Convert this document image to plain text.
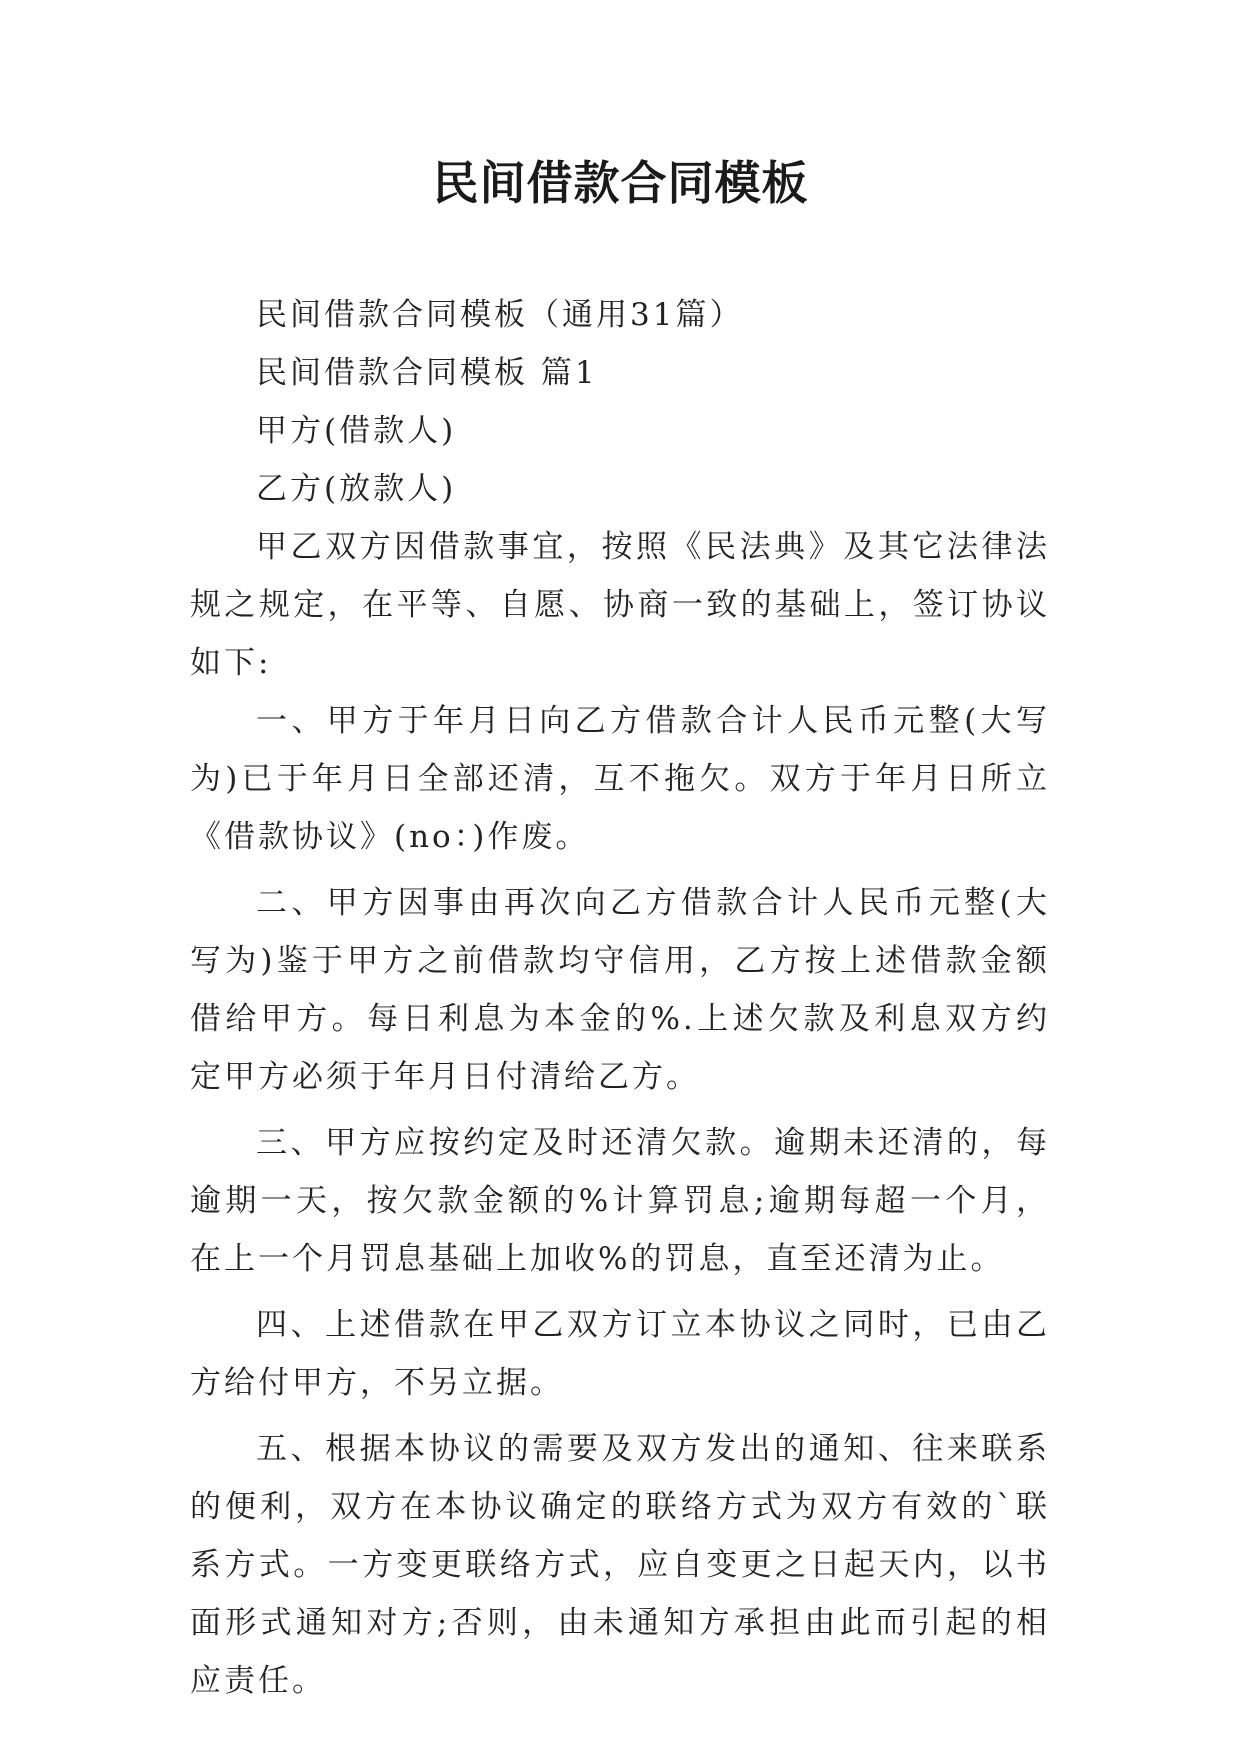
民间借款合同模板

民间借款合同模板（通用31篇）

民间借款合同模板 篇1

甲方(借款人)

乙方(放款人)

甲乙双方因借款事宜，按照《民法典》及其它法律法规之规定，在平等、自愿、协商一致的基础上，签订协议如下:

一、甲方于年月日向乙方借款合计人民币元整(大写为)已于年月日全部还清，互不拖欠。双方于年月日所立《借款协议》(no：)作废。

二、甲方因事由再次向乙方借款合计人民币元整(大写为)鉴于甲方之前借款均守信用，乙方按上述借款金额借给甲方。每日利息为本金的%.上述欠款及利息双方约定甲方必须于年月日付清给乙方。

三、甲方应按约定及时还清欠款。逾期未还清的，每逾期一天，按欠款金额的%计算罚息;逾期每超一个月，在上一个月罚息基础上加收%的罚息，直至还清为止。

四、上述借款在甲乙双方订立本协议之同时，已由乙方给付甲方，不另立据。

五、根据本协议的需要及双方发出的通知、往来联系的便利，双方在本协议确定的联络方式为双方有效的`联系方式。一方变更联络方式，应自变更之日起天内，以书面形式通知对方;否则，由未通知方承担由此而引起的相应责任。
